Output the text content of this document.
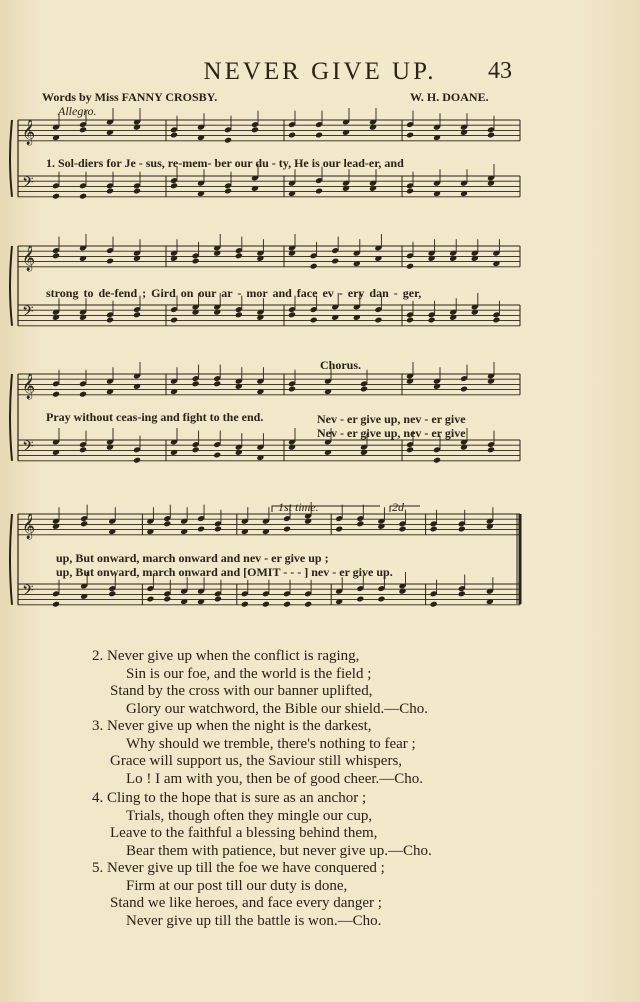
NEVER GIVE UP.	43
Words by Miss FANNY CROSBY.	W. H. DOANE.
Allegro.
Chorus.
𝄞
𝄢
𝄞
𝄢
𝄞
𝄢
𝄞
𝄢
1. Sol-diers for Je - sus, re-mem- ber our du - ty, He is our lead-er, and
strong to de-fend ; Gird on our ar - mor and face ev - ery dan - ger,
Pray without ceas-ing and fight to the end.	Nev - er give up, nev - er give
Nev - er give up, nev - er give
up, But onward, march onward and nev - er give up ;
up, But onward, march onward and [OMIT - - - ] nev - er give up.
1st time.	2d
2. Never give up when the conflict is raging,
Sin is our foe, and the world is the field ;
Stand by the cross with our banner uplifted,
Glory our watchword, the Bible our shield.—Cho.
3. Never give up when the night is the darkest,
Why should we tremble, there's nothing to fear ;
Grace will support us, the Saviour still whispers,
Lo ! I am with you, then be of good cheer.—Cho.
4. Cling to the hope that is sure as an anchor ;
Trials, though often they mingle our cup,
Leave to the faithful a blessing behind them,
Bear them with patience, but never give up.—Cho.
5. Never give up till the foe we have conquered ;
Firm at our post till our duty is done,
Stand we like heroes, and face every danger ;
Never give up till the battle is won.—Cho.
